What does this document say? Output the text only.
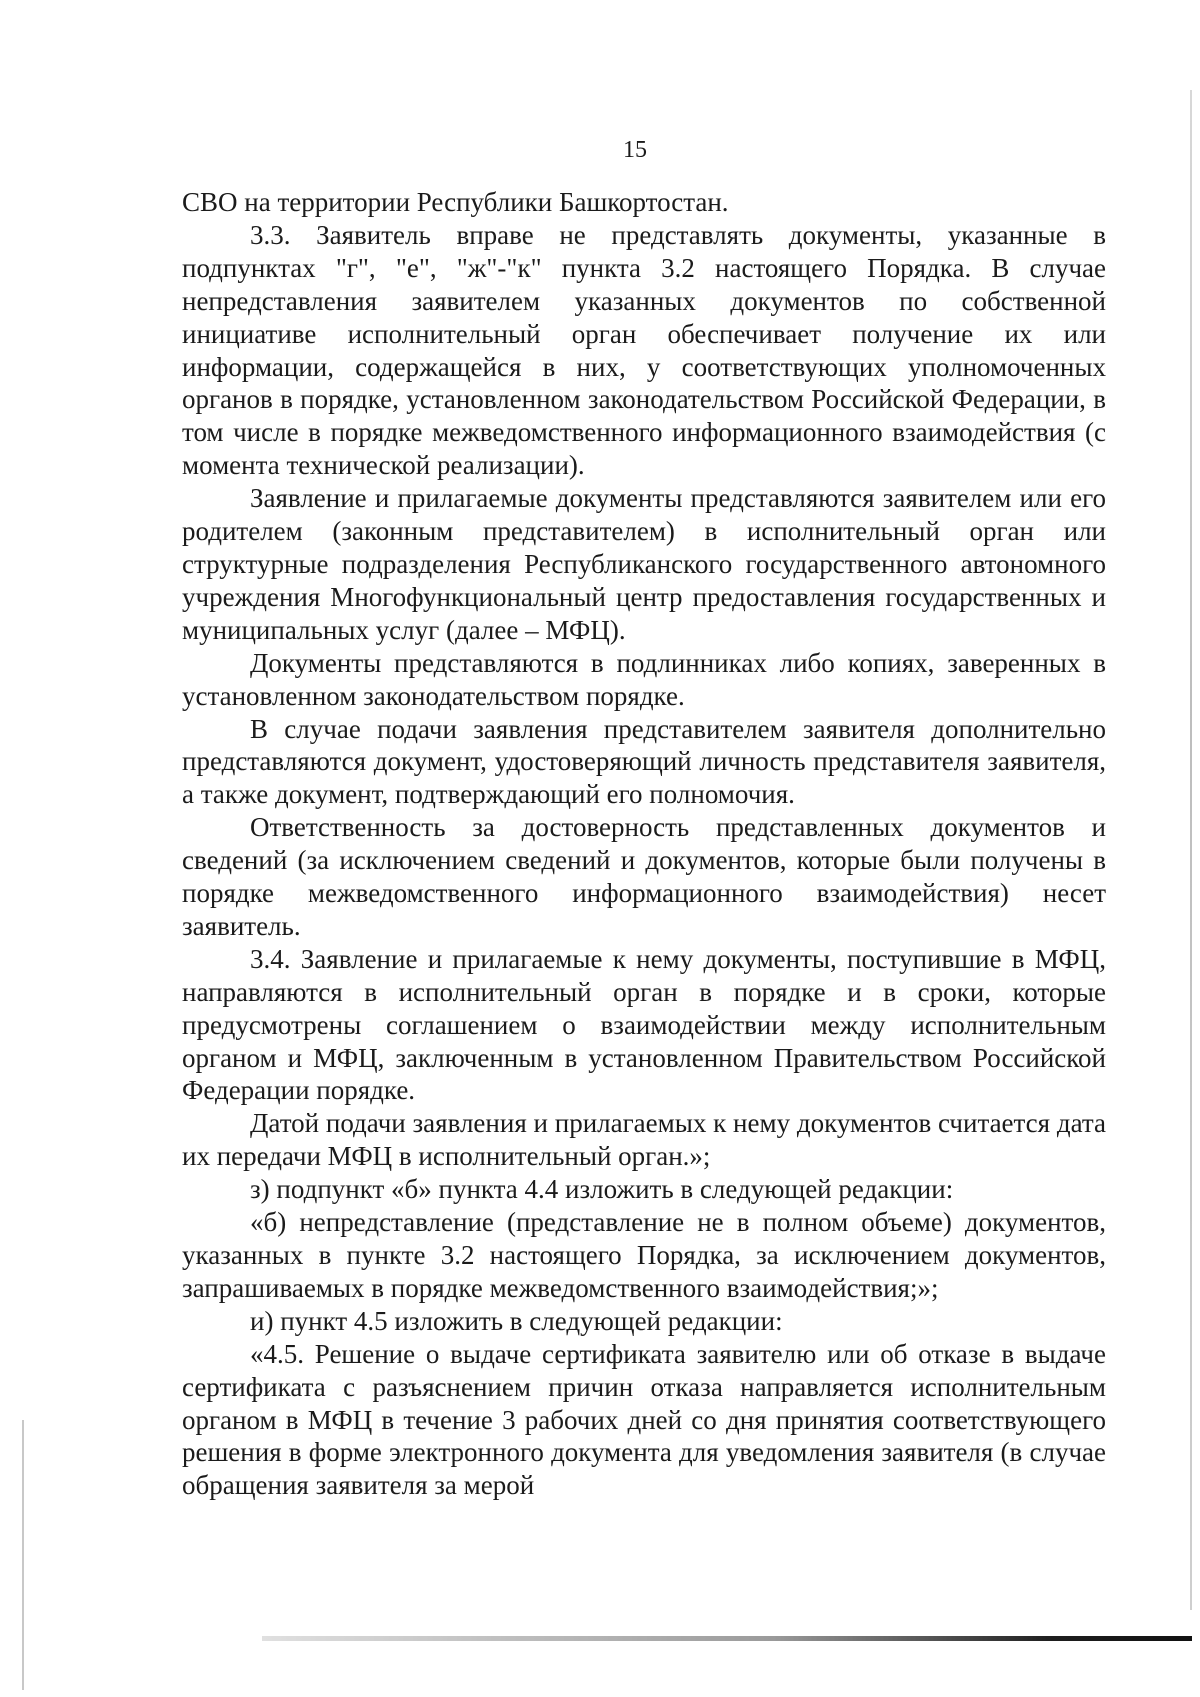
15

СВО на территории Республики Башкортостан.

3.3. Заявитель вправе не представлять документы, указанные в подпунктах "г", "е", "ж"-"к" пункта 3.2 настоящего Порядка. В случае непредставления заявителем указанных документов по собственной инициативе исполнительный орган обеспечивает получение их или информации, содержащейся в них, у соответствующих уполномоченных органов в порядке, установленном законодательством Российской Федерации, в том числе в порядке межведомственного информационного взаимодействия (с момента технической реализации).

Заявление и прилагаемые документы представляются заявителем или его родителем (законным представителем) в исполнительный орган или структурные подразделения Республиканского государственного автономного учреждения Многофункциональный центр предоставления государственных и муниципальных услуг (далее – МФЦ).

Документы представляются в подлинниках либо копиях, заверенных в установленном законодательством порядке.

В случае подачи заявления представителем заявителя дополнительно представляются документ, удостоверяющий личность представителя заявителя, а также документ, подтверждающий его полномочия.

Ответственность за достоверность представленных документов и сведений (за исключением сведений и документов, которые были получены в порядке межведомственного информационного взаимодействия) несет заявитель.

3.4. Заявление и прилагаемые к нему документы, поступившие в МФЦ, направляются в исполнительный орган в порядке и в сроки, которые предусмотрены соглашением о взаимодействии между исполнительным органом и МФЦ, заключенным в установленном Правительством Российской Федерации порядке.

Датой подачи заявления и прилагаемых к нему документов считается дата их передачи МФЦ в исполнительный орган.»;

з) подпункт «б» пункта 4.4 изложить в следующей редакции:

«б) непредставление (представление не в полном объеме) документов, указанных в пункте 3.2 настоящего Порядка, за исключением документов, запрашиваемых в порядке межведомственного взаимодействия;»;

и) пункт 4.5 изложить в следующей редакции:

«4.5. Решение о выдаче сертификата заявителю или об отказе в выдаче сертификата с разъяснением причин отказа направляется исполнительным органом в МФЦ в течение 3 рабочих дней со дня принятия соответствующего решения в форме электронного документа для уведомления заявителя (в случае обращения заявителя за мерой
